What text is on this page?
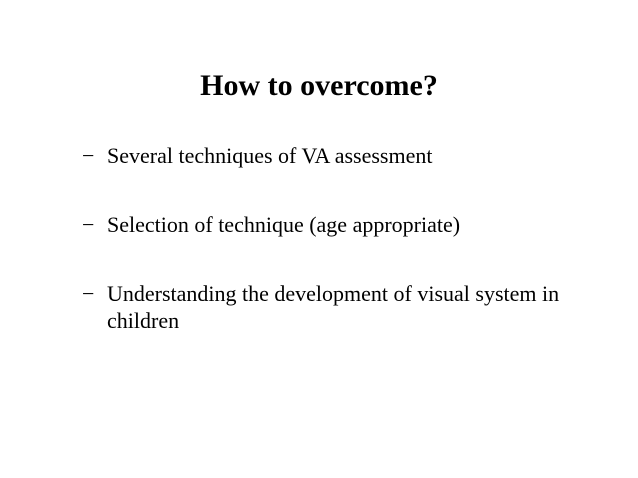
How to overcome?
− Several techniques of VA assessment
− Selection of technique (age appropriate)
− Understanding the development of visual system in children
